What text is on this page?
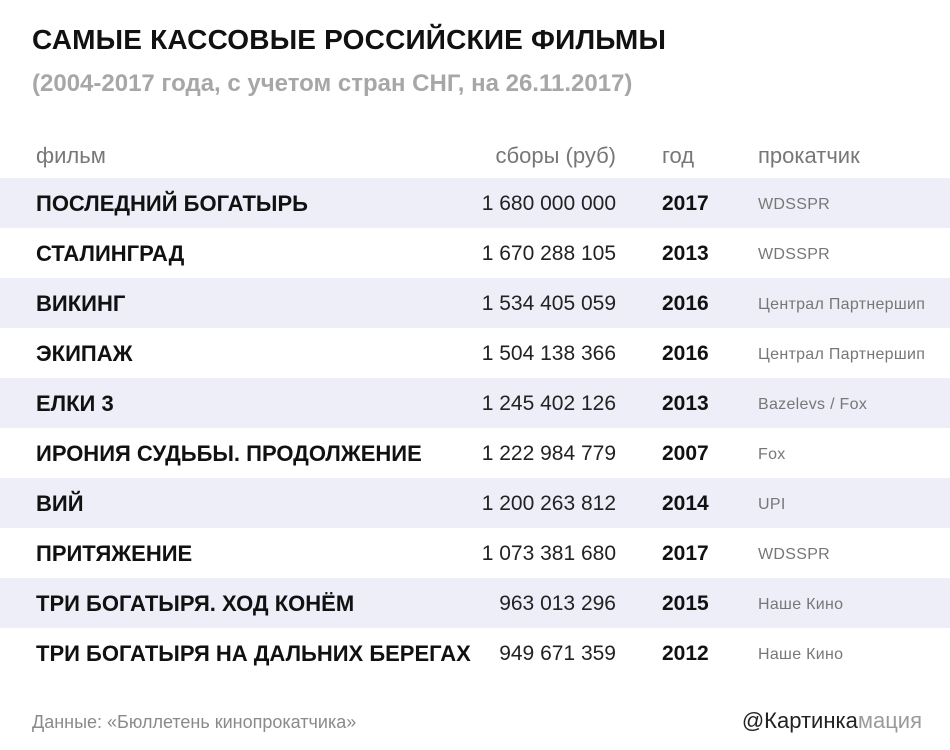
САМЫЕ КАССОВЫЕ РОССИЙСКИЕ ФИЛЬМЫ
(2004-2017 года, с учетом стран СНГ, на 26.11.2017)
фильм	сборы (руб) год	прокатчик
ПОСЛЕДНИЙ БОГАТЫРЬ	1 680 000 000 2017	WDSSPR
СТАЛИНГРАД	1 670 288 105 2013	WDSSPR
ВИКИНГ	1 534 405 059 2016	Централ Партнершип
ЭКИПАЖ	1 504 138 366 2016	Централ Партнершип
ЕЛКИ 3	1 245 402 126 2013	Bazelevs / Fox
ИРОНИЯ СУДЬБЫ. ПРОДОЛЖЕНИЕ	1 222 984 779 2007	Fox
ВИЙ	1 200 263 812 2014	UPI
ПРИТЯЖЕНИЕ	1 073 381 680 2017	WDSSPR
ТРИ БОГАТЫРЯ. ХОД КОНЁМ	963 013 296 2015	Наше Кино
ТРИ БОГАТЫРЯ НА ДАЛЬНИХ БЕРЕГАХ 949 671 359 2012	Наше Кино
Данные: «Бюллетень кинопрокатчика»	@Картинкамация
